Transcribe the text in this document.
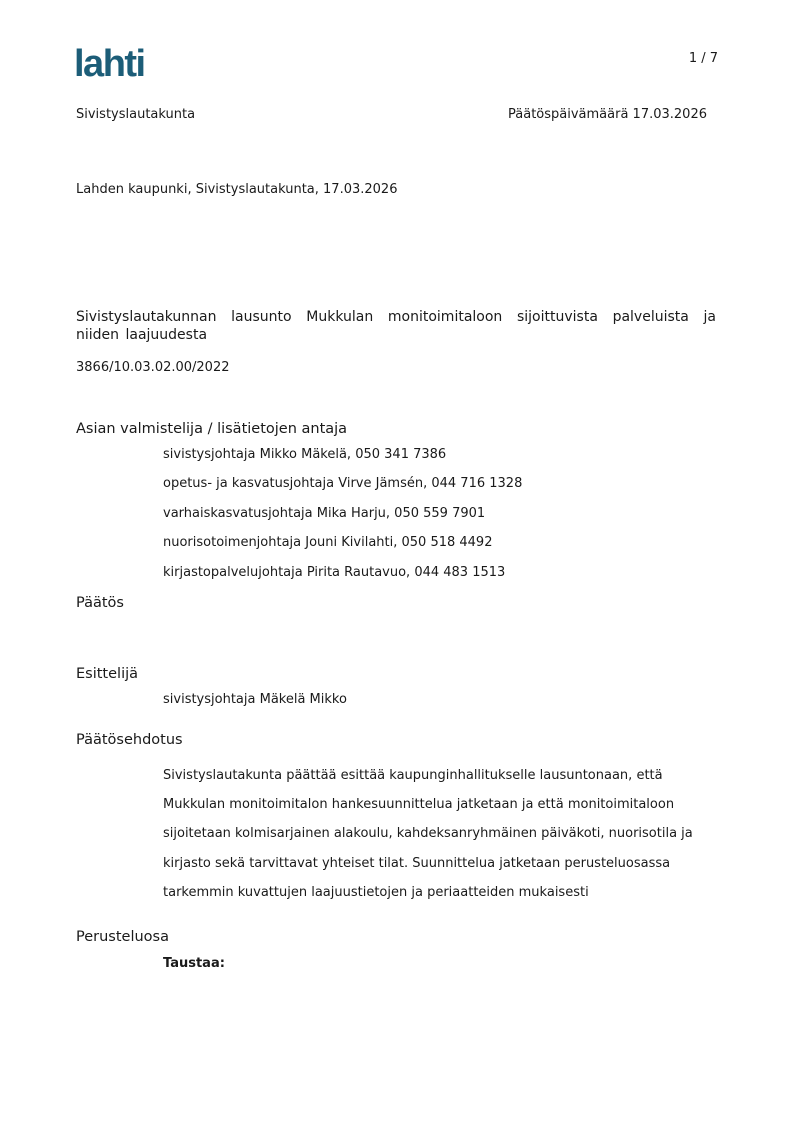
lahti	1 / 7
Sivistyslautakunta	Päätöspäivämäärä 17.03.2026
Lahden kaupunki, Sivistyslautakunta, 17.03.2026
Sivistyslautakunnan lausunto Mukkulan monitoimitaloon sijoittuvista palveluista ja niiden laajuudesta
3866/10.03.02.00/2022
Asian valmistelija / lisätietojen antaja
sivistysjohtaja Mikko Mäkelä, 050 341 7386
opetus- ja kasvatusjohtaja Virve Jämsén, 044 716 1328
varhaiskasvatusjohtaja Mika Harju, 050 559 7901
nuorisotoimenjohtaja Jouni Kivilahti, 050 518 4492
kirjastopalvelujohtaja Pirita Rautavuo, 044 483 1513
Päätös
Esittelijä
sivistysjohtaja Mäkelä Mikko
Päätösehdotus
Sivistyslautakunta päättää esittää kaupunginhallitukselle lausuntonaan, että
Mukkulan monitoimitalon hankesuunnittelua jatketaan ja että monitoimitaloon
sijoitetaan kolmisarjainen alakoulu, kahdeksanryhmäinen päiväkoti, nuorisotila ja
kirjasto sekä tarvittavat yhteiset tilat. Suunnittelua jatketaan perusteluosassa
tarkemmin kuvattujen laajuustietojen ja periaatteiden mukaisesti
Perusteluosa
Taustaa:
